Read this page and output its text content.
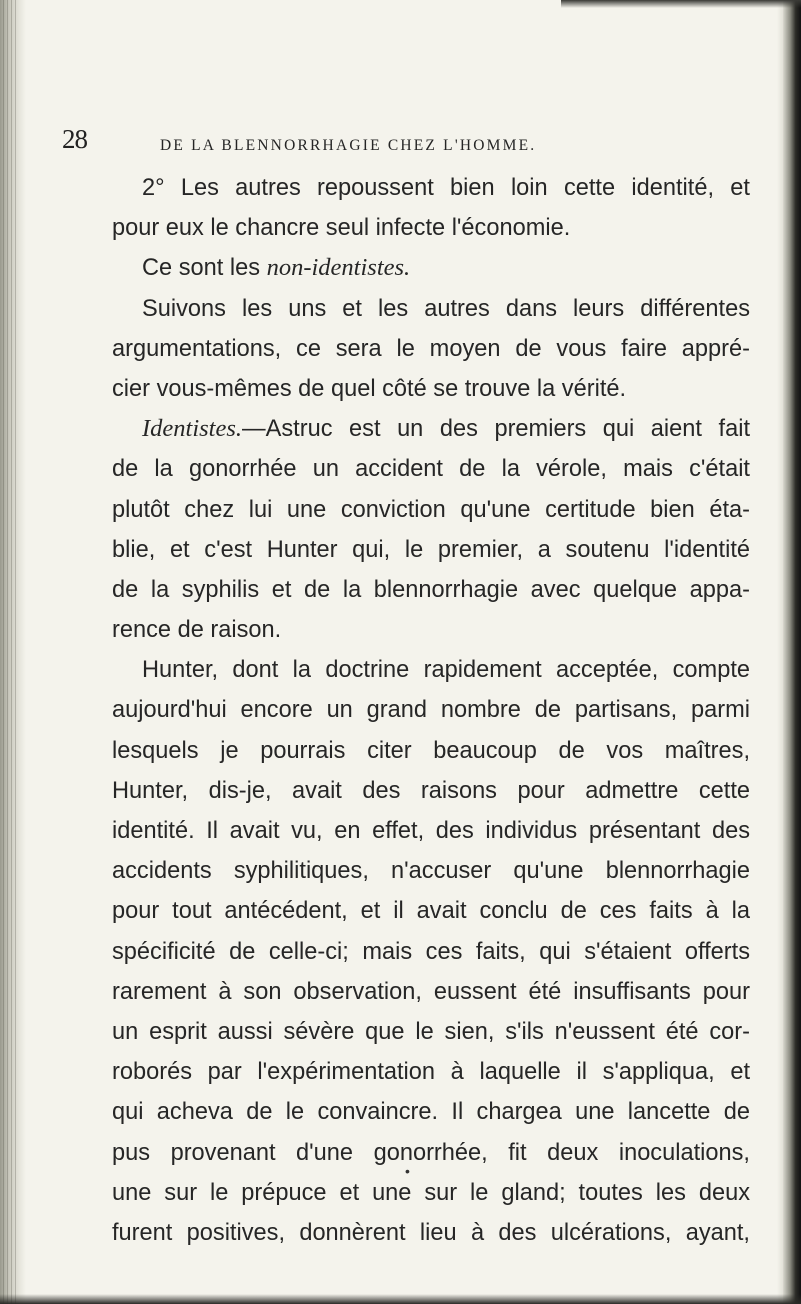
28	DE LA BLENNORRHAGIE CHEZ L'HOMME.
2° Les autres repoussent bien loin cette identité, et
pour eux le chancre seul infecte l'économie.
Ce sont les non-identistes.
Suivons les uns et les autres dans leurs différentes
argumentations, ce sera le moyen de vous faire appré-
cier vous-mêmes de quel côté se trouve la vérité.
Identistes.—Astruc est un des premiers qui aient fait
de la gonorrhée un accident de la vérole, mais c'était
plutôt chez lui une conviction qu'une certitude bien éta-
blie, et c'est Hunter qui, le premier, a soutenu l'identité
de la syphilis et de la blennorrhagie avec quelque appa-
rence de raison.
Hunter, dont la doctrine rapidement acceptée, compte
aujourd'hui encore un grand nombre de partisans, parmi
lesquels je pourrais citer beaucoup de vos maîtres,
Hunter, dis-je, avait des raisons pour admettre cette
identité. Il avait vu, en effet, des individus présentant des
accidents syphilitiques, n'accuser qu'une blennorrhagie
pour tout antécédent, et il avait conclu de ces faits à la
spécificité de celle-ci; mais ces faits, qui s'étaient offerts
rarement à son observation, eussent été insuffisants pour
un esprit aussi sévère que le sien, s'ils n'eussent été cor-
roborés par l'expérimentation à laquelle il s'appliqua, et
qui acheva de le convaincre. Il chargea une lancette de
pus provenant d'une gonorrhée, fit deux inoculations,
une sur le prépuce et une sur le gland; toutes les deux
furent positives, donnèrent lieu à des ulcérations, ayant,
•
